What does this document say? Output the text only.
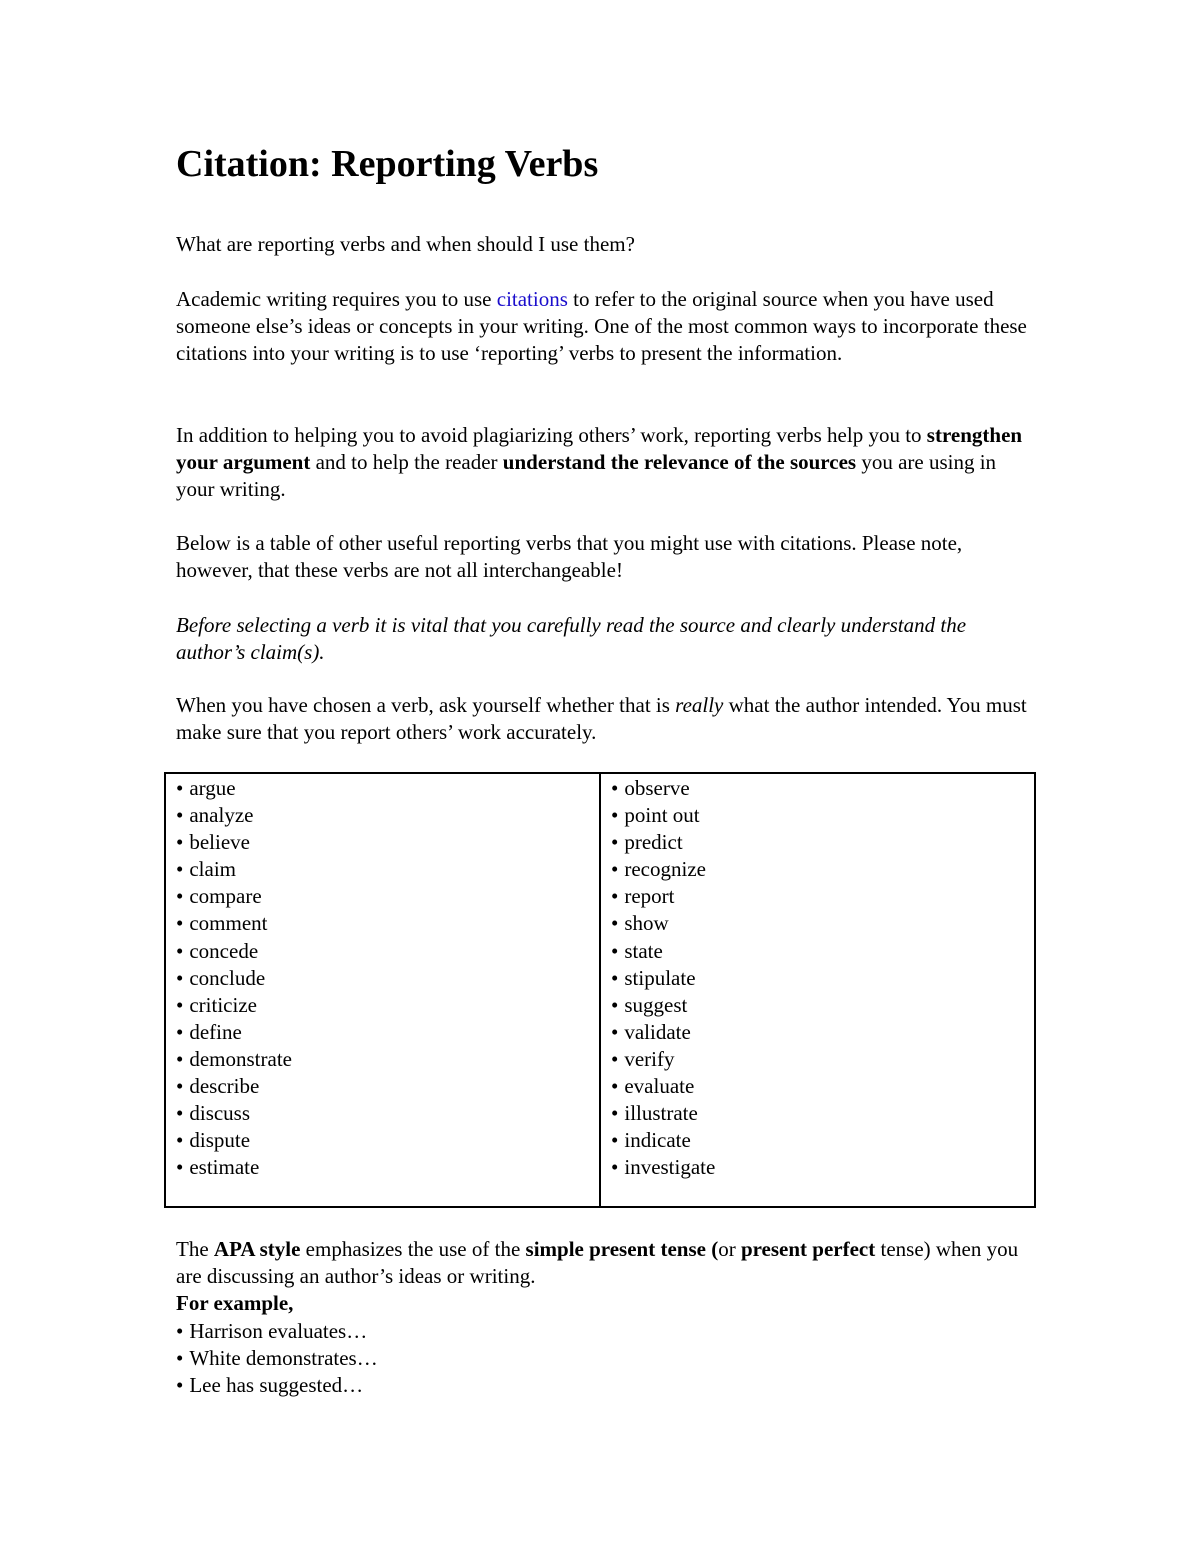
Citation: Reporting Verbs

What are reporting verbs and when should I use them?

Academic writing requires you to use citations to refer to the original source when you have used someone else’s ideas or concepts in your writing. One of the most common ways to incorporate these citations into your writing is to use ‘reporting’ verbs to present the information.

In addition to helping you to avoid plagiarizing others’ work, reporting verbs help you to strengthen your argument and to help the reader understand the relevance of the sources you are using in your writing.

Below is a table of other useful reporting verbs that you might use with citations. Please note, however, that these verbs are not all interchangeable!

Before selecting a verb it is vital that you carefully read the source and clearly understand the author’s claim(s).

When you have chosen a verb, ask yourself whether that is really what the author intended. You must make sure that you report others’ work accurately.

• argue
• analyze
• believe
• claim
• compare
• comment
• concede
• conclude
• criticize
• define
• demonstrate
• describe
• discuss
• dispute
• estimate
• observe
• point out
• predict
• recognize
• report
• show
• state
• stipulate
• suggest
• validate
• verify
• evaluate
• illustrate
• indicate
• investigate

The APA style emphasizes the use of the simple present tense (or present perfect tense) when you are discussing an author’s ideas or writing.

For example,

• Harrison evaluates…
• White demonstrates…
• Lee has suggested…
